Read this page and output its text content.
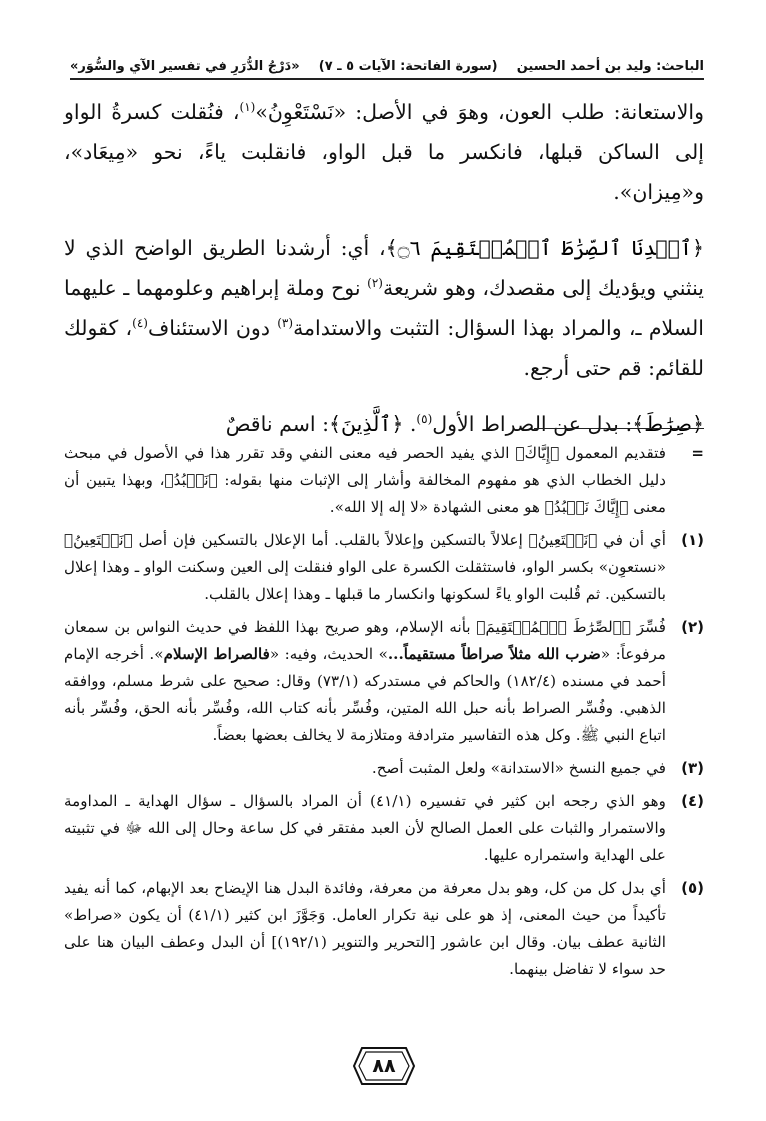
الباحث: وليد بن أحمد الحسين
(سورة الفاتحة: الآيات ٥ ـ ٧)
«دَرْجُ الدُّرَرِ في تفسير الآي والسُّوَر»

والاستعانة: طلب العون، وهوَ في الأصل: «نَسْتَعْوِنُ»$^{(١)}$، فنُقلت كسرةُ الواو إلى الساكن قبلها، فانكسر ما قبل الواو، فانقلبت ياءً، نحو «مِيعَاد»، و«مِيزان».

﴿ٱهۡدِنَا ٱلصِّرَٰطَ ٱلۡمُسۡتَقِيمَ ۝٦﴾، أي: أرشدنا الطريق الواضح الذي لا ينثني ويؤديك إلى مقصدك، وهو شريعة$^{(٢)}$ نوح وملة إبراهيم وعلومهما ـ عليهما السلام ـ، والمراد بهذا السؤال: التثبت والاستدامة$^{(٣)}$ دون الاستئناف$^{(٤)}$، كقولك للقائم: قم حتى أرجع.

﴿صِرَٰطَ﴾: بدل عن الصراط الأول$^{(٥)}$. ﴿ٱلَّذِينَ﴾: اسم ناقصٌ

=
فتقديم المعمول ﴿إِيَّاكَ﴾ الذي يفيد الحصر فيه معنى النفي وقد تقرر هذا في الأصول في مبحث دليل الخطاب الذي هو مفهوم المخالفة وأشار إلى الإثبات منها بقوله: ﴿نَعۡبُدُ﴾، وبهذا يتبين أن معنى ﴿إِيَّاكَ نَعۡبُدُ﴾ هو معنى الشهادة «لا إله إلا الله».
(١)
أي أن في ﴿نَسۡتَعِينُ﴾ إعلالاً بالتسكين وإعلالاً بالقلب. أما الإعلال بالتسكين فإن أصل ﴿نَسۡتَعِينُ﴾ «نستعوِن» بكسر الواو، فاستثقلت الكسرة على الواو فنقلت إلى العين وسكنت الواو ـ وهذا إعلال بالتسكين. ثم قُلبت الواو ياءً لسكونها وانكسار ما قبلها ـ وهذا إعلال بالقلب.
(٢)
فُسِّرَ ﴿ٱلصِّرَٰطَ ٱلۡمُسۡتَقِيمَ﴾ بأنه الإسلام، وهو صريح بهذا اللفظ في حديث النواس بن سمعان مرفوعاً: «ضرب الله مثلاً صراطاً مستقيماً...» الحديث، وفيه: «فالصراط الإسلام». أخرجه الإمام أحمد في مسنده (١٨٢/٤) والحاكم في مستدركه (٧٣/١) وقال: صحيح على شرط مسلم، ووافقه الذهبي. وفُسِّر الصراط بأنه حبل الله المتين، وفُسِّر بأنه كتاب الله، وفُسِّر بأنه الحق، وفُسِّر بأنه اتباع النبي ﷺ. وكل هذه التفاسير مترادفة ومتلازمة لا يخالف بعضها بعضاً.
(٣)
في جميع النسخ «الاستدانة» ولعل المثبت أصح.
(٤)
وهو الذي رجحه ابن كثير في تفسيره (٤١/١) أن المراد بالسؤال ـ سؤال الهداية ـ المداومة والاستمرار والثبات على العمل الصالح لأن العبد مفتقر في كل ساعة وحال إلى الله ﷻ في تثبيته على الهداية واستمراره عليها.
(٥)
أي بدل كل من كل، وهو بدل معرفة من معرفة، وفائدة البدل هنا الإيضاح بعد الإبهام، كما أنه يفيد تأكيداً من حيث المعنى، إذ هو على نية تكرار العامل. وَجَوَّزَ ابن كثير (٤١/١) أن يكون «صراط» الثانية عطف بيان. وقال ابن عاشور [التحرير والتنوير (١٩٢/١)] أن البدل وعطف البيان هنا على حد سواء لا تفاضل بينهما.
٨٨
